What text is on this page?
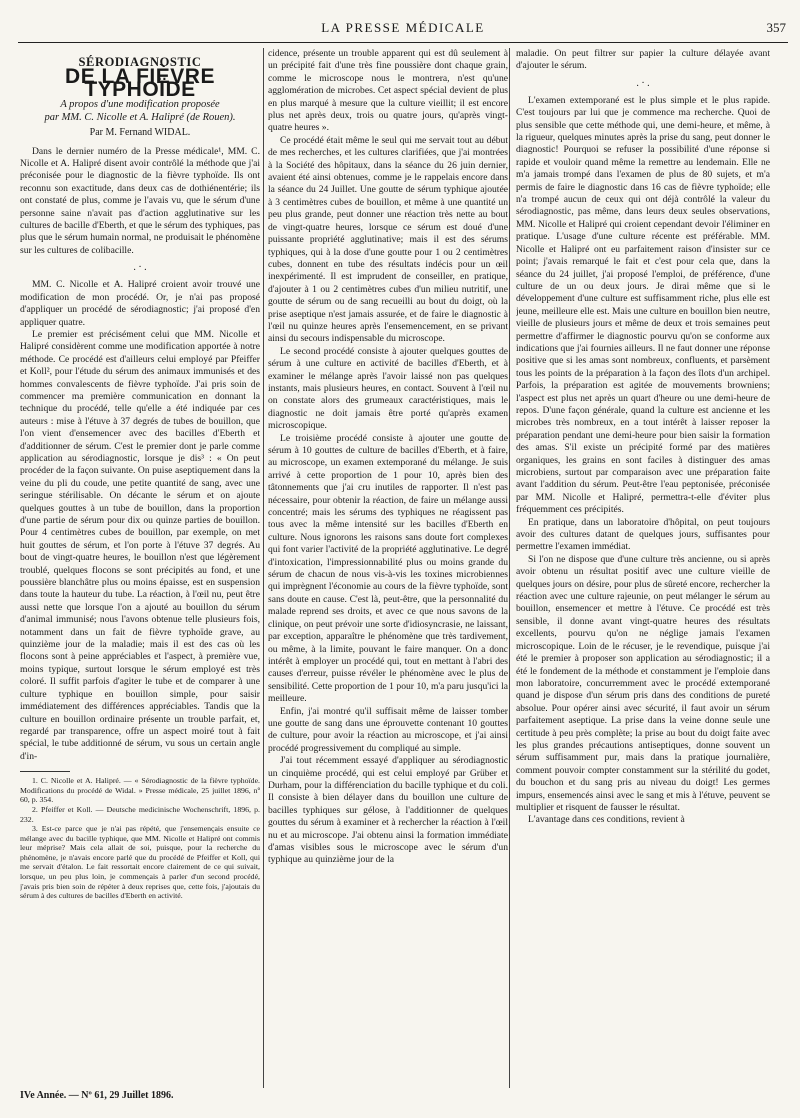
LA PRESSE MÉDICALE	357
SÉRODIAGNOSTIC
DE LA FIÈVRE TYPHOÏDE
A propos d'une modification proposée
par MM. C. Nicolle et A. Halipré (de Rouen).
Par M. Fernand WIDAL.

Dans le dernier numéro de la Presse médicale¹, MM. C. Nicolle et A. Halipré disent avoir contrôlé la méthode que j'ai préconisée pour le diagnostic de la fièvre typhoïde. Ils ont reconnu son exactitude, dans deux cas de dothiénentérie; ils ont constaté de plus, comme je l'avais vu, que le sérum d'une personne saine n'avait pas d'action agglutinative sur les cultures de bacille d'Eberth, et que le sérum des typhiques, pas plus que le sérum humain normal, ne produisait le phénomène sur les cultures de colibacille.

. · .

MM. C. Nicolle et A. Halipré croient avoir trouvé une modification de mon procédé. Or, je n'ai pas proposé d'appliquer un procédé de sérodiagnostic; j'ai proposé d'en appliquer quatre.

Le premier est précisément celui que MM. Nicolle et Halipré considèrent comme une modification apportée à notre méthode. Ce procédé est d'ailleurs celui employé par Pfeiffer et Koll², pour l'étude du sérum des animaux immunisés et des hommes convalescents de fièvre typhoïde. J'ai pris soin de commencer ma première communication en donnant la technique du procédé, telle qu'elle a été indiquée par ces auteurs : mise à l'étuve à 37 degrés de tubes de bouillon, que l'on vient d'ensemencer avec des bacilles d'Eberth et d'additionner de sérum. C'est le premier dont je parle comme application au sérodiagnostic, lorsque je dis³ : « On peut procéder de la façon suivante. On puise aseptiquement dans la veine du pli du coude, une petite quantité de sang, avec une seringue stérilisable. On décante le sérum et on ajoute quelques gouttes à un tube de bouillon, dans la proportion d'une partie de sérum pour dix ou quinze parties de bouillon. Pour 4 centimètres cubes de bouillon, par exemple, on met huit gouttes de sérum, et l'on porte à l'étuve 37 degrés. Au bout de vingt-quatre heures, le bouillon n'est que légèrement troublé, quelques flocons se sont précipités au fond, et une poussière blanchâtre plus ou moins épaisse, est en suspension dans toute la hauteur du tube. La réaction, à l'œil nu, peut être aussi nette que lorsque l'on a ajouté au bouillon du sérum d'animal immunisé; nous l'avons obtenue telle plusieurs fois, notamment dans un fait de fièvre typhoïde grave, au quinzième jour de la maladie; mais il est des cas où les flocons sont à peine appréciables et l'aspect, à première vue, moins typique, surtout lorsque le sérum employé est très coloré. Il suffit parfois d'agiter le tube et de comparer à une culture typhique en bouillon simple, pour saisir immédiatement des différences appréciables. Tandis que la culture en bouillon ordinaire présente un trouble parfait, et, regardé par transparence, offre un aspect moiré tout à fait spécial, le tube additionné de sérum, vu sous un certain angle d'in-

1. C. Nicolle et A. Halipré. — « Sérodiagnostic de la fièvre typhoïde. Modifications du procédé de Widal. » Presse médicale, 25 juillet 1896, nº 60, p. 354.

2. Pfeiffer et Koll. — Deutsche medicinische Wochenschrift, 1896, p. 232.

3. Est-ce parce que je n'ai pas répété, que j'ensemençais ensuite ce mélange avec du bacille typhique, que MM. Nicolle et Halipré ont commis leur méprise? Mais cela allait de soi, puisque, pour la recherche du phénomène, je n'avais encore parlé que du procédé de Pfeiffer et Koll, qui me servait d'étalon. Le fait ressortait encore clairement de ce qui suivait, lorsque, un peu plus loin, je commençais à parler d'un second procédé, j'avais pris bien soin de répéter à deux reprises que, cette fois, j'ajoutais du sérum à des cultures de bacilles d'Eberth en activité.

cidence, présente un trouble apparent qui est dû seulement à un précipité fait d'une très fine poussière dont chaque grain, comme le microscope nous le montrera, n'est qu'une agglomération de microbes. Cet aspect spécial devient de plus en plus marqué à mesure que la culture vieillit; il est encore plus net après deux, trois ou quatre jours, qu'après vingt-quatre heures ».

Ce procédé était même le seul qui me servait tout au début de mes recherches, et les cultures clarifiées, que j'ai montrées à la Société des hôpitaux, dans la séance du 26 juin dernier, avaient été ainsi obtenues, comme je le rappelais encore dans la séance du 24 Juillet. Une goutte de sérum typhique ajoutée à 3 centimètres cubes de bouillon, et même à une quantité un peu plus grande, peut donner une réaction très nette au bout de vingt-quatre heures, lorsque ce sérum est doué d'une puissante propriété agglutinative; mais il est des sérums typhiques, qui à la dose d'une goutte pour 1 ou 2 centimètres cubes, donnent en tube des résultats indécis pour un œil inexpérimenté. Il est imprudent de conseiller, en pratique, d'ajouter à 1 ou 2 centimètres cubes d'un milieu nutritif, une goutte de sérum ou de sang recueilli au bout du doigt, où la prise aseptique n'est jamais assurée, et de faire le diagnostic à l'œil nu quinze heures après l'ensemencement, en se privant ainsi du secours indispensable du microscope.

Le second procédé consiste à ajouter quelques gouttes de sérum à une culture en activité de bacilles d'Eberth, et à examiner le mélange après l'avoir laissé non pas quelques instants, mais plusieurs heures, en contact. Souvent à l'œil nu on constate alors des grumeaux caractéristiques, mais le diagnostic ne doit jamais être porté qu'après examen microscopique.

Le troisième procédé consiste à ajouter une goutte de sérum à 10 gouttes de culture de bacilles d'Eberth, et à faire, au microscope, un examen extemporané du mélange. Je suis arrivé à cette proportion de 1 pour 10, après bien des tâtonnements que j'ai cru inutiles de rapporter. Il n'est pas nécessaire, pour obtenir la réaction, de faire un mélange aussi concentré; mais les sérums des typhiques ne réagissent pas tous avec la même intensité sur les bacilles d'Eberth en culture. Nous ignorons les raisons sans doute fort complexes qui font varier l'activité de la propriété agglutinative. Le degré d'intoxication, l'impressionnabilité plus ou moins grande du sérum de chacun de nous vis-à-vis les toxines microbiennes qui imprègnent l'économie au cours de la fièvre typhoïde, sont sans doute en cause. C'est là, peut-être, que la personnalité du malade reprend ses droits, et avec ce que nous savons de la clinique, on peut prévoir une sorte d'idiosyncrasie, ne laissant, par exception, apparaître le phénomène que très tardivement, ou même, à la limite, pouvant le faire manquer. On a donc intérêt à employer un procédé qui, tout en mettant à l'abri des causes d'erreur, puisse révéler le phénomène avec le plus de sensibilité. Cette proportion de 1 pour 10, m'a paru jusqu'ici la meilleure.

Enfin, j'ai montré qu'il suffisait même de laisser tomber une goutte de sang dans une éprouvette contenant 10 gouttes de culture, pour avoir la réaction au microscope, et j'ai ainsi procédé progressivement du compliqué au simple.

J'ai tout récemment essayé d'appliquer au sérodiagnostic un cinquième procédé, qui est celui employé par Grüber et Durham, pour la différenciation du bacille typhique et du coli. Il consiste à bien délayer dans du bouillon une culture de bacilles typhiques sur gélose, à l'additionner de quelques gouttes du sérum à examiner et à rechercher la réaction à l'œil nu et au microscope. J'ai obtenu ainsi la formation immédiate d'amas visibles sous le microscope avec le sérum d'un typhique au quinzième jour de la

maladie. On peut filtrer sur papier la culture délayée avant d'ajouter le sérum.

. · .

L'examen extemporané est le plus simple et le plus rapide. C'est toujours par lui que je commence ma recherche. Quoi de plus sensible que cette méthode qui, une demi-heure, et même, à la rigueur, quelques minutes après la prise du sang, peut donner le diagnostic! Pourquoi se refuser la possibilité d'une réponse si rapide et vouloir quand même la remettre au lendemain. Elle ne m'a jamais trompé dans l'examen de plus de 80 sujets, et m'a permis de faire le diagnostic dans 16 cas de fièvre typhoïde; elle n'a trompé aucun de ceux qui ont déjà contrôlé la valeur du sérodiagnostic, pas même, dans leurs deux seules observations, MM. Nicolle et Halipré qui croient cependant devoir l'éliminer en pratique. L'usage d'une culture récente est préférable. MM. Nicolle et Halipré ont eu parfaitement raison d'insister sur ce point; j'avais remarqué le fait et c'est pour cela que, dans la séance du 24 juillet, j'ai proposé l'emploi, de préférence, d'une culture de un ou deux jours. Je dirai même que si le développement d'une culture est suffisamment riche, plus elle est jeune, meilleure elle est. Mais une culture en bouillon bien neutre, vieille de plusieurs jours et même de deux et trois semaines peut permettre d'affirmer le diagnostic pourvu qu'on se conforme aux indications que j'ai fournies ailleurs. Il ne faut donner une réponse positive que si les amas sont nombreux, confluents, et parsèment tous les points de la préparation à la façon des îlots d'un archipel. Parfois, la préparation est agitée de mouvements browniens; l'aspect est plus net après un quart d'heure ou une demi-heure de repos. D'une façon générale, quand la culture est ancienne et les microbes très nombreux, en a tout intérêt à laisser reposer la préparation pendant une demi-heure pour bien saisir la formation des amas. S'il existe un précipité formé par des matières organiques, les grains en sont faciles à distinguer des amas microbiens, surtout par comparaison avec une préparation faite avant l'addition du sérum. Peut-être l'eau peptonisée, préconisée par MM. Nicolle et Halipré, permettra-t-elle d'éviter plus fréquemment ces précipités.

En pratique, dans un laboratoire d'hôpital, on peut toujours avoir des cultures datant de quelques jours, suffisantes pour permettre l'examen immédiat.

Si l'on ne dispose que d'une culture très ancienne, ou si après avoir obtenu un résultat positif avec une culture vieille de quelques jours on désire, pour plus de sûreté encore, rechercher la réaction avec une culture rajeunie, on peut mélanger le sérum au bouillon, ensemencer et mettre à l'étuve. Ce procédé est très sensible, il donne avant vingt-quatre heures des résultats excellents, pourvu qu'on ne néglige jamais l'examen microscopique. Loin de le récuser, je le revendique, puisque j'ai été le premier à proposer son application au sérodiagnostic; il a été le fondement de la méthode et constamment je l'emploie dans mon laboratoire, concurremment avec le procédé extemporané quand je dispose d'un sérum pris dans des conditions de pureté absolue. Pour opérer ainsi avec sécurité, il faut avoir un sérum parfaitement aseptique. La prise dans la veine donne seule une certitude à peu près complète; la prise au bout du doigt faite avec les plus grandes précautions antiseptiques, donne souvent un sérum suffisamment pur, mais dans la pratique journalière, comment pouvoir compter constamment sur la stérilité du godet, du bouchon et du sang pris au niveau du doigt! Les germes impurs, ensemencés ainsi avec le sang et mis à l'étuve, peuvent se multiplier et risquent de fausser le résultat.

L'avantage dans ces conditions, revient à

IVe Année. — Nº 61, 29 Juillet 1896.
